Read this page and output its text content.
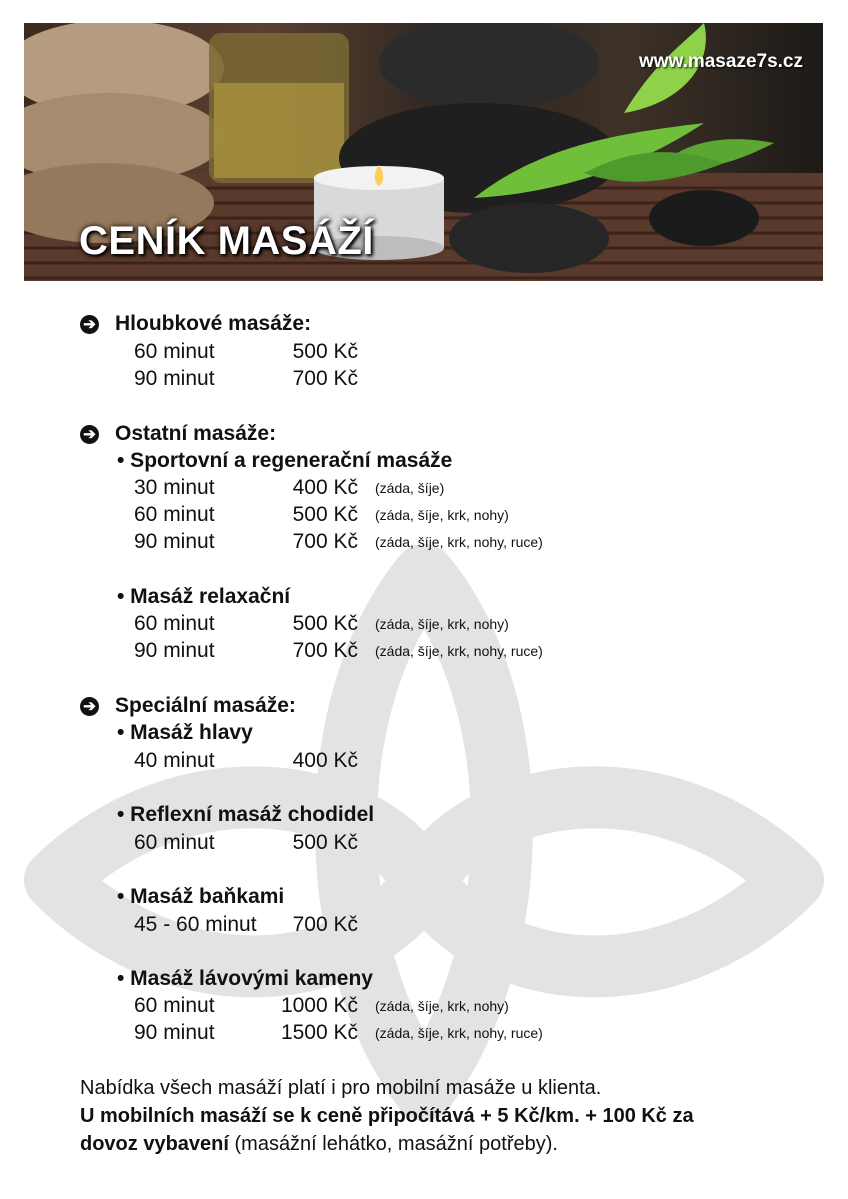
CENÍK MASÁŽÍ
www.masaze7s.cz
➔ Hloubkové masáže:
60 minut	500 Kč
90 minut	700 Kč
➔ Ostatní masáže:
• Sportovní a regenerační masáže
30 minut	400 Kč (záda, šíje)
60 minut	500 Kč (záda, šíje, krk, nohy)
90 minut	700 Kč (záda, šíje, krk, nohy, ruce)
• Masáž relaxační
60 minut	500 Kč (záda, šíje, krk, nohy)
90 minut	700 Kč (záda, šíje, krk, nohy, ruce)
➔ Speciální masáže:
• Masáž hlavy
40 minut	400 Kč
• Reflexní masáž chodidel
60 minut	500 Kč
• Masáž baňkami
45 - 60 minut	700 Kč
• Masáž lávovými kameny
60 minut	1000 Kč (záda, šíje, krk, nohy)
90 minut	1500 Kč (záda, šíje, krk, nohy, ruce)
Nabídka všech masáží platí i pro mobilní masáže u klienta.
U mobilních masáží se k ceně připočítává + 5 Kč/km. + 100 Kč za
dovoz vybavení (masážní lehátko, masážní potřeby).
